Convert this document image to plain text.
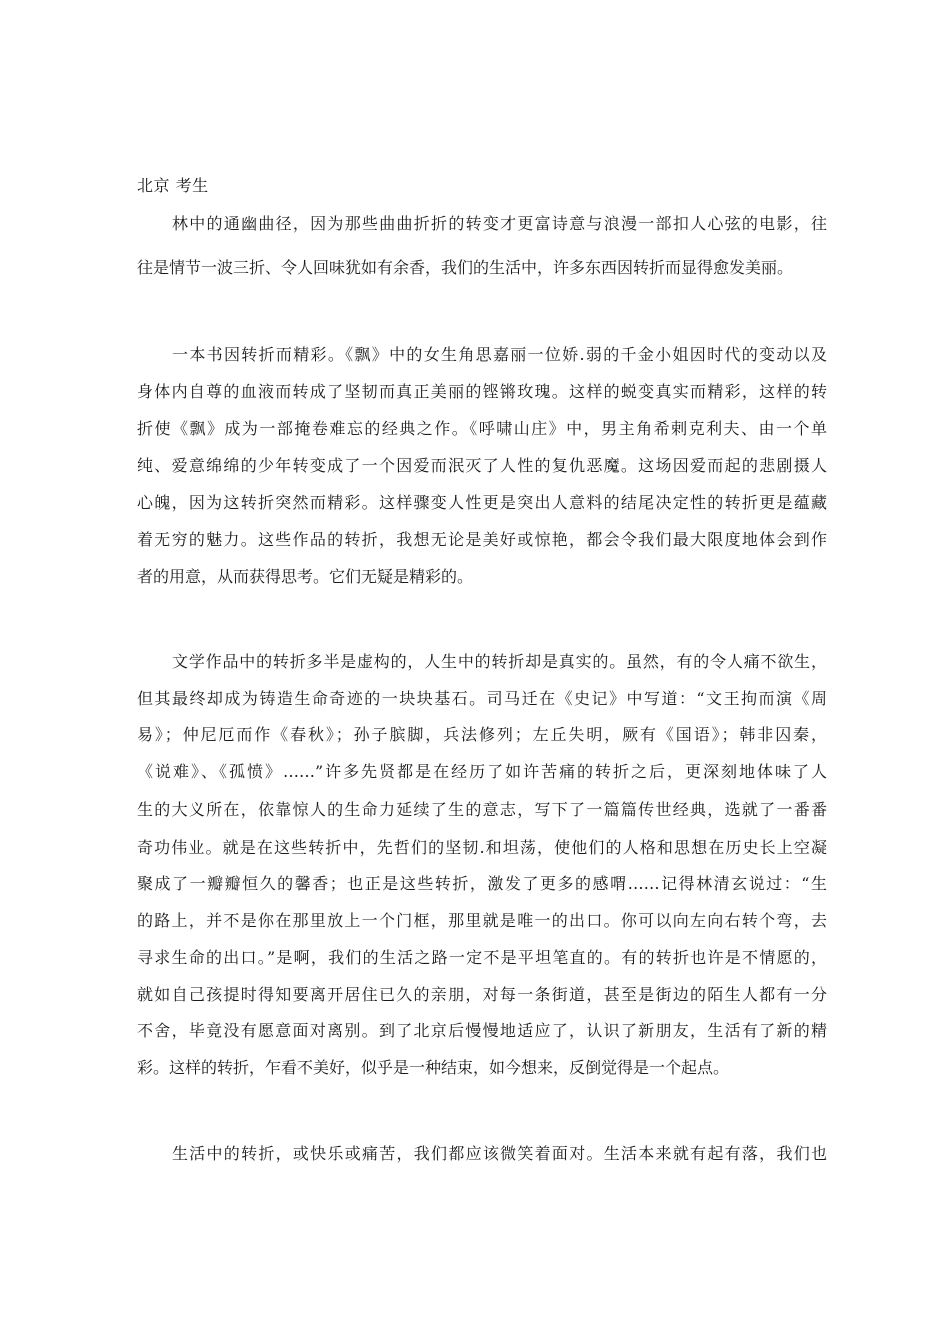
北京 考生
林中的通幽曲径，因为那些曲曲折折的转变才更富诗意与浪漫一部扣人心弦的电影，往
往是情节一波三折、令人回味犹如有余香，我们的生活中，许多东西因转折而显得愈发美丽。
一本书因转折而精彩。《飘》中的女生角思嘉丽一位娇.弱的千金小姐因时代的变动以及
身体内自尊的血液而转成了坚韧而真正美丽的铿锵玫瑰。这样的蜕变真实而精彩，这样的转
折使《飘》成为一部掩卷难忘的经典之作。《呼啸山庄》中，男主角希剌克利夫、由一个单
纯、爱意绵绵的少年转变成了一个因爱而泯灭了人性的复仇恶魔。这场因爱而起的悲剧摄人
心魄，因为这转折突然而精彩。这样骤变人性更是突出人意料的结尾决定性的转折更是蕴藏
着无穷的魅力。这些作品的转折，我想无论是美好或惊艳，都会令我们最大限度地体会到作
者的用意，从而获得思考。它们无疑是精彩的。
文学作品中的转折多半是虚构的，人生中的转折却是真实的。虽然，有的令人痛不欲生，
但其最终却成为铸造生命奇迹的一块块基石。司马迁在《史记》中写道：“文王拘而演《周
易》；仲尼厄而作《春秋》；孙子膑脚，兵法修列；左丘失明，厥有《国语》；韩非囚秦，
《说难》、《孤愤》……”许多先贤都是在经历了如许苦痛的转折之后，更深刻地体味了人
生的大义所在，依靠惊人的生命力延续了生的意志，写下了一篇篇传世经典，选就了一番番
奇功伟业。就是在这些转折中，先哲们的坚韧.和坦荡，使他们的人格和思想在历史长上空凝
聚成了一瓣瓣恒久的馨香；也正是这些转折，激发了更多的感喟……记得林清玄说过：“生
的路上，并不是你在那里放上一个门框，那里就是唯一的出口。你可以向左向右转个弯，去
寻求生命的出口。”是啊，我们的生活之路一定不是平坦笔直的。有的转折也许是不情愿的，
就如自己孩提时得知要离开居住已久的亲朋，对每一条街道，甚至是街边的陌生人都有一分
不舍，毕竟没有愿意面对离别。到了北京后慢慢地适应了，认识了新朋友，生活有了新的精
彩。这样的转折，乍看不美好，似乎是一种结束，如今想来，反倒觉得是一个起点。
生活中的转折，或快乐或痛苦，我们都应该微笑着面对。生活本来就有起有落，我们也
